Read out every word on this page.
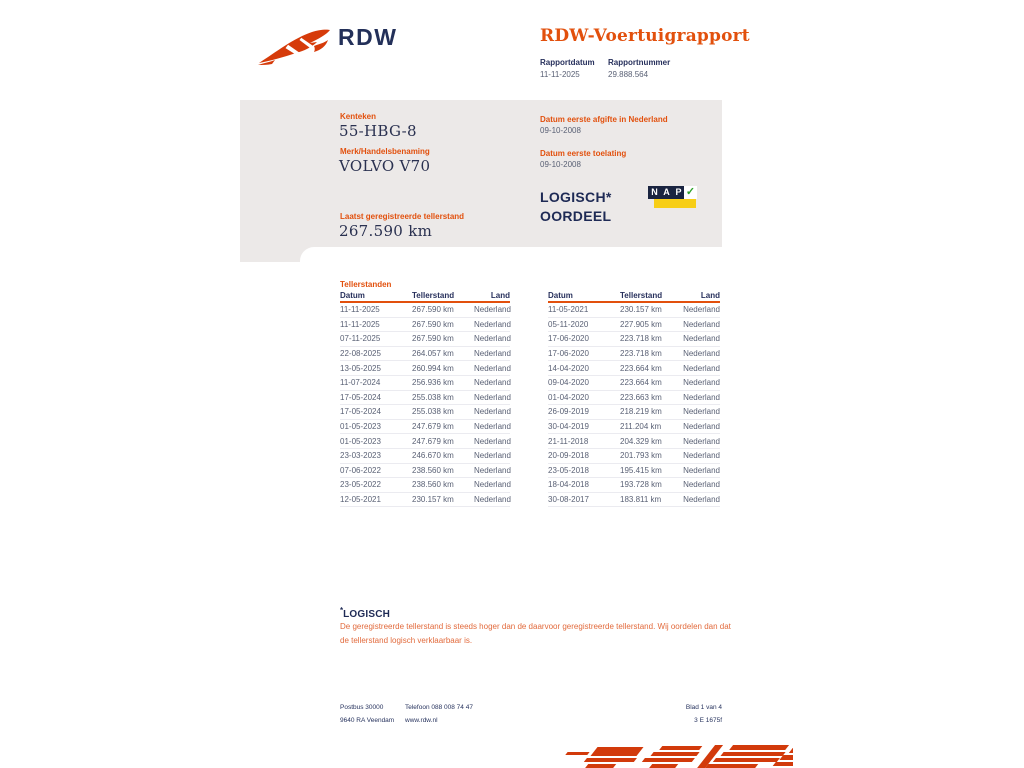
RDW	RDW-Voertuigrapport
Rapportdatum Rapportnummer
11-11-2025	29.888.564
Kenteken
55-HBG-8
Merk/Handelsbenaming
VOLVO V70
Laatst geregistreerde tellerstand
267.590 km
Datum eerste afgifte in Nederland
09-10-2008
Datum eerste toelating
09-10-2008
LOGISCH*
OORDEEL
N A P ✓
Tellerstanden
Datum	Tellerstand	Land
11-11-2025	267.590 km	Nederland
11-11-2025	267.590 km	Nederland
07-11-2025	267.590 km	Nederland
22-08-2025	264.057 km	Nederland
13-05-2025	260.994 km	Nederland
11-07-2024	256.936 km	Nederland
17-05-2024	255.038 km	Nederland
17-05-2024	255.038 km	Nederland
01-05-2023	247.679 km	Nederland
01-05-2023	247.679 km	Nederland
23-03-2023	246.670 km	Nederland
07-06-2022	238.560 km	Nederland
23-05-2022	238.560 km	Nederland
12-05-2021	230.157 km	Nederland
Datum	Tellerstand	Land
11-05-2021	230.157 km	Nederland
05-11-2020	227.905 km	Nederland
17-06-2020	223.718 km	Nederland
17-06-2020	223.718 km	Nederland
14-04-2020	223.664 km	Nederland
09-04-2020	223.664 km	Nederland
01-04-2020	223.663 km	Nederland
26-09-2019	218.219 km	Nederland
30-04-2019	211.204 km	Nederland
21-11-2018	204.329 km	Nederland
20-09-2018	201.793 km	Nederland
23-05-2018	195.415 km	Nederland
18-04-2018	193.728 km	Nederland
30-08-2017	183.811 km	Nederland
*LOGISCH
De geregistreerde tellerstand is steeds hoger dan de daarvoor geregistreerde tellerstand. Wij oordelen dan dat de tellerstand logisch verklaarbaar is.
Postbus 30000
9640 RA Veendam
Telefoon 088 008 74 47
www.rdw.nl
Blad 1 van 4
3 E 1675f
